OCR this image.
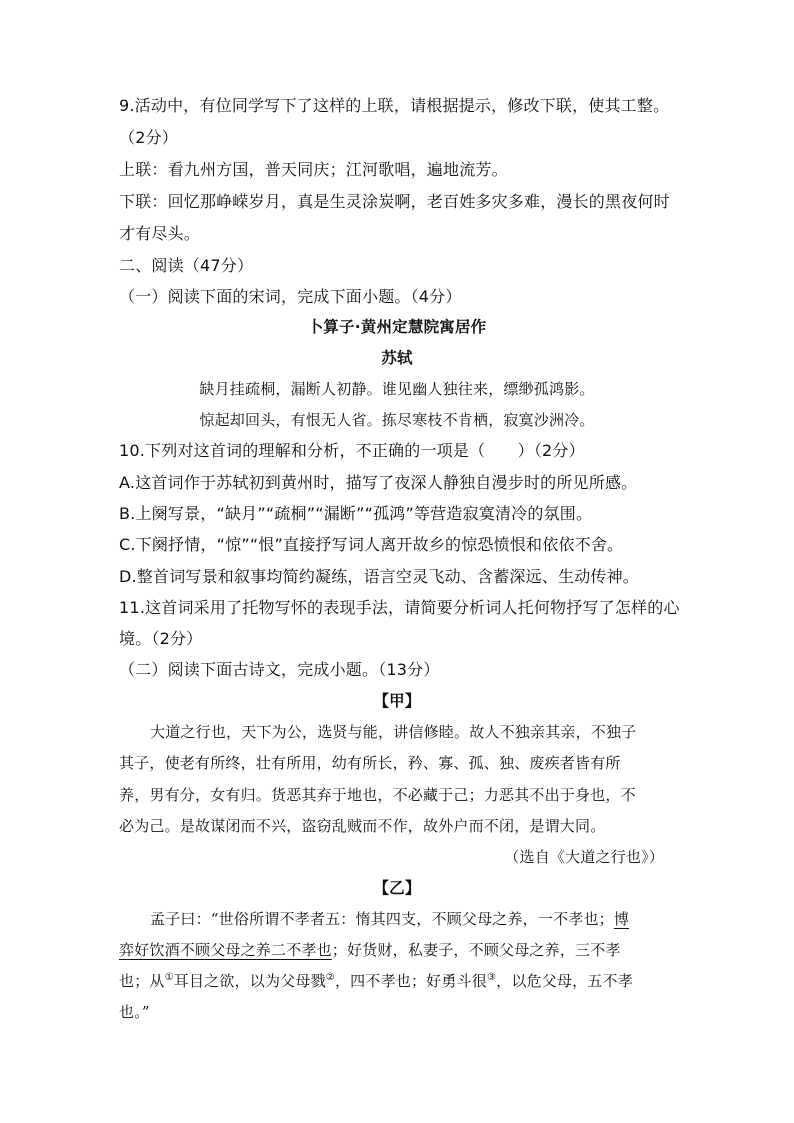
9.活动中，有位同学写下了这样的上联，请根据提示，修改下联，使其工整。
（2分）
上联：看九州方国，普天同庆；江河歌唱，遍地流芳。
下联：回忆那峥嵘岁月，真是生灵涂炭啊，老百姓多灾多难，漫长的黑夜何时
才有尽头。
二、阅读（47分）
（一）阅读下面的宋词，完成下面小题。（4分）
卜算子·黄州定慧院寓居作
苏轼
缺月挂疏桐，漏断人初静。谁见幽人独往来，缥缈孤鸿影。
惊起却回头，有恨无人省。拣尽寒枝不肯栖，寂寞沙洲冷。
10.下列对这首词的理解和分析，不正确的一项是（　　）（2分）
A.这首词作于苏轼初到黄州时，描写了夜深人静独自漫步时的所见所感。
B.上阕写景，“缺月”“疏桐”“漏断”“孤鸿”等营造寂寞清冷的氛围。
C.下阕抒情，“惊”“恨”直接抒写词人离开故乡的惊恐愤恨和依依不舍。
D.整首词写景和叙事均简约凝练，语言空灵飞动、含蓄深远、生动传神。
11.这首词采用了托物写怀的表现手法，请简要分析词人托何物抒写了怎样的心
境。（2分）
（二）阅读下面古诗文，完成小题。（13分）
【甲】
大道之行也，天下为公，选贤与能，讲信修睦。故人不独亲其亲，不独子
其子，使老有所终，壮有所用，幼有所长，矜、寡、孤、独、废疾者皆有所
养，男有分，女有归。货恶其弃于地也，不必藏于己；力恶其不出于身也，不
必为己。是故谋闭而不兴，盗窃乱贼而不作，故外户而不闭，是谓大同。
（选自《大道之行也》）
【乙】
孟子曰：“世俗所谓不孝者五：惰其四支，不顾父母之养，一不孝也；博
弈好饮酒不顾父母之养二不孝也；好货财，私妻子，不顾父母之养，三不孝
也；从①耳目之欲，以为父母戮②，四不孝也；好勇斗很③，以危父母，五不孝
也。”
